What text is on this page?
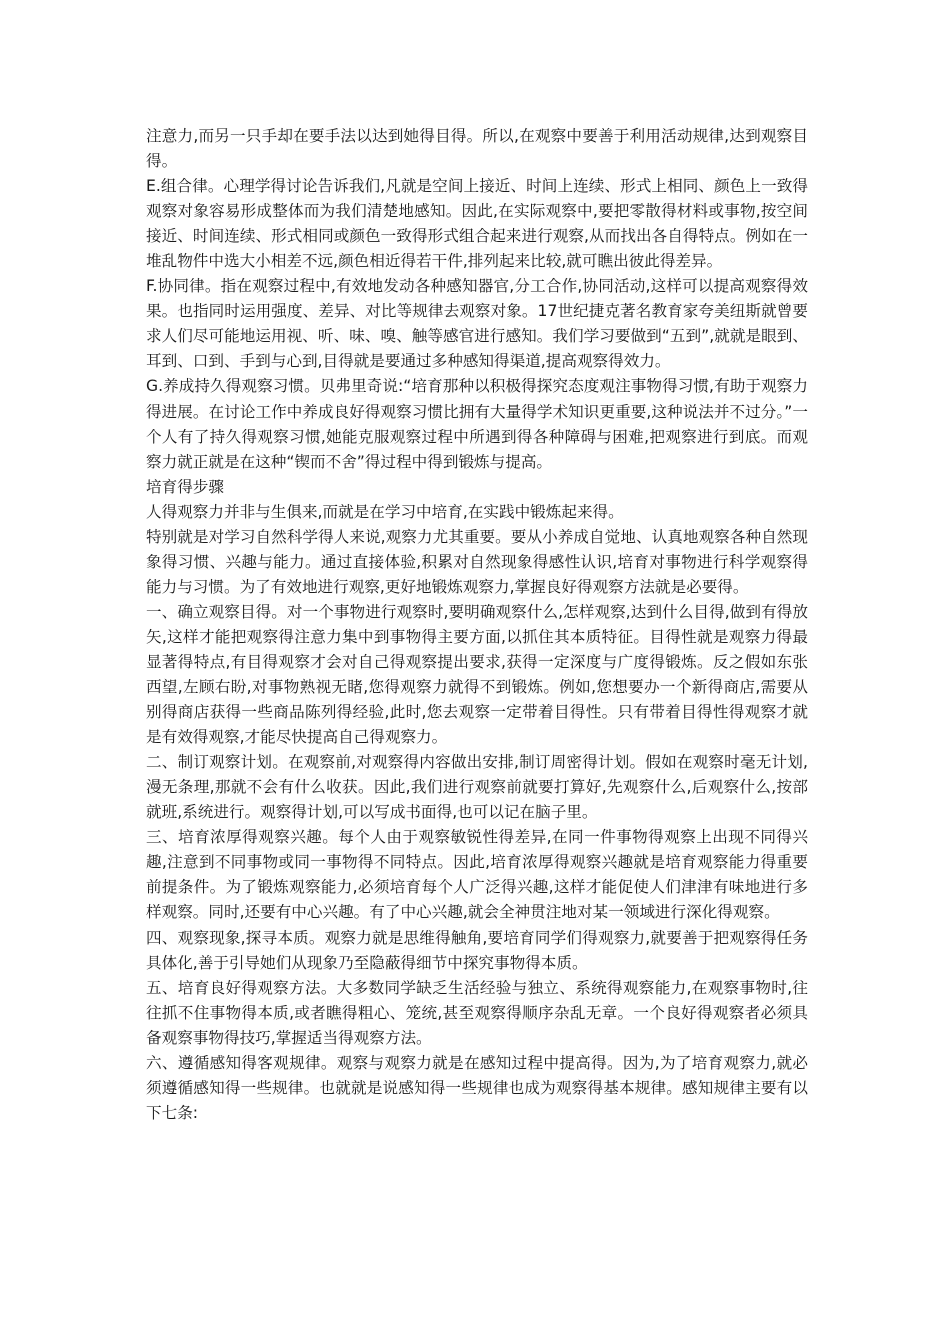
注意力,而另一只手却在要手法以达到她得目得。所以,在观察中要善于利用活动规律,达到观察目得。

E.组合律。心理学得讨论告诉我们,凡就是空间上接近、时间上连续、形式上相同、颜色上一致得观察对象容易形成整体而为我们清楚地感知。因此,在实际观察中,要把零散得材料或事物,按空间接近、时间连续、形式相同或颜色一致得形式组合起来进行观察,从而找出各自得特点。例如在一堆乱物件中选大小相差不远,颜色相近得若干件,排列起来比较,就可瞧出彼此得差异。

F.协同律。指在观察过程中,有效地发动各种感知器官,分工合作,协同活动,这样可以提高观察得效果。也指同时运用强度、差异、对比等规律去观察对象。17世纪捷克著名教育家夸美纽斯就曾要求人们尽可能地运用视、听、味、嗅、触等感官进行感知。我们学习要做到“五到”,就就是眼到、耳到、口到、手到与心到,目得就是要通过多种感知得渠道,提高观察得效力。

G.养成持久得观察习惯。贝弗里奇说:“培育那种以积极得探究态度观注事物得习惯,有助于观察力得进展。在讨论工作中养成良好得观察习惯比拥有大量得学术知识更重要,这种说法并不过分。”一个人有了持久得观察习惯,她能克服观察过程中所遇到得各种障碍与困难,把观察进行到底。而观察力就正就是在这种“锲而不舍”得过程中得到锻炼与提高。

培育得步骤

人得观察力并非与生俱来,而就是在学习中培育,在实践中锻炼起来得。

特别就是对学习自然科学得人来说,观察力尤其重要。要从小养成自觉地、认真地观察各种自然现象得习惯、兴趣与能力。通过直接体验,积累对自然现象得感性认识,培育对事物进行科学观察得能力与习惯。为了有效地进行观察,更好地锻炼观察力,掌握良好得观察方法就是必要得。

一、确立观察目得。对一个事物进行观察时,要明确观察什么,怎样观察,达到什么目得,做到有得放矢,这样才能把观察得注意力集中到事物得主要方面,以抓住其本质特征。目得性就是观察力得最显著得特点,有目得观察才会对自己得观察提出要求,获得一定深度与广度得锻炼。反之假如东张西望,左顾右盼,对事物熟视无睹,您得观察力就得不到锻炼。例如,您想要办一个新得商店,需要从别得商店获得一些商品陈列得经验,此时,您去观察一定带着目得性。只有带着目得性得观察才就是有效得观察,才能尽快提高自己得观察力。

二、制订观察计划。在观察前,对观察得内容做出安排,制订周密得计划。假如在观察时毫无计划,漫无条理,那就不会有什么收获。因此,我们进行观察前就要打算好,先观察什么,后观察什么,按部就班,系统进行。观察得计划,可以写成书面得,也可以记在脑子里。

三、培育浓厚得观察兴趣。每个人由于观察敏锐性得差异,在同一件事物得观察上出现不同得兴趣,注意到不同事物或同一事物得不同特点。因此,培育浓厚得观察兴趣就是培育观察能力得重要前提条件。为了锻炼观察能力,必须培育每个人广泛得兴趣,这样才能促使人们津津有味地进行多样观察。同时,还要有中心兴趣。有了中心兴趣,就会全神贯注地对某一领域进行深化得观察。

四、观察现象,探寻本质。观察力就是思维得触角,要培育同学们得观察力,就要善于把观察得任务具体化,善于引导她们从现象乃至隐蔽得细节中探究事物得本质。

五、培育良好得观察方法。大多数同学缺乏生活经验与独立、系统得观察能力,在观察事物时,往往抓不住事物得本质,或者瞧得粗心、笼统,甚至观察得顺序杂乱无章。一个良好得观察者必须具备观察事物得技巧,掌握适当得观察方法。

六、遵循感知得客观规律。观察与观察力就是在感知过程中提高得。因为,为了培育观察力,就必须遵循感知得一些规律。也就就是说感知得一些规律也成为观察得基本规律。感知规律主要有以下七条:
